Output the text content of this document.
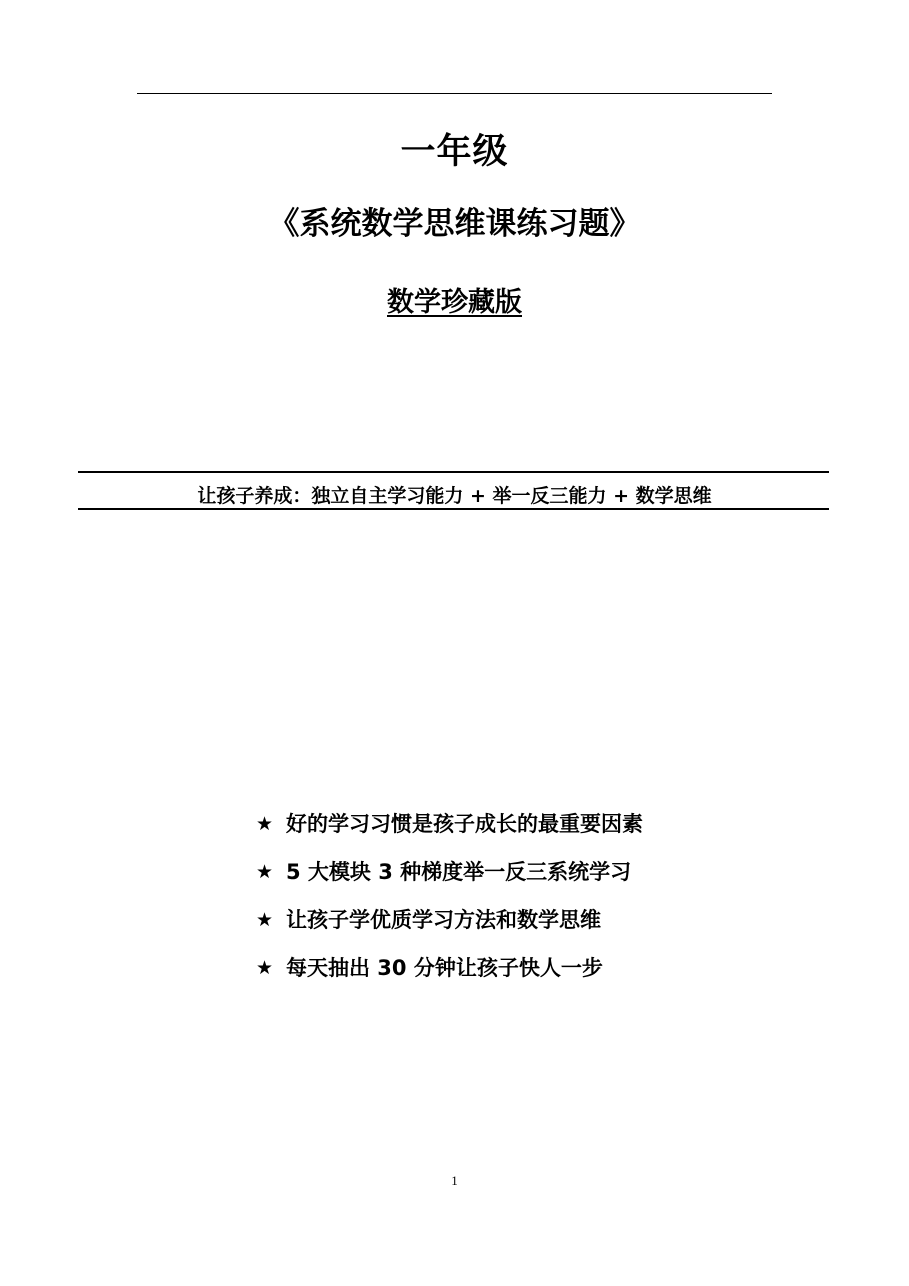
一年级
《系统数学思维课练习题》
数学珍藏版
让孩子养成：独立自主学习能力 + 举一反三能力 + 数学思维
★ 好的学习习惯是孩子成长的最重要因素
★ 5 大模块 3 种梯度举一反三系统学习
★ 让孩子学优质学习方法和数学思维
★ 每天抽出 30 分钟让孩子快人一步
1
